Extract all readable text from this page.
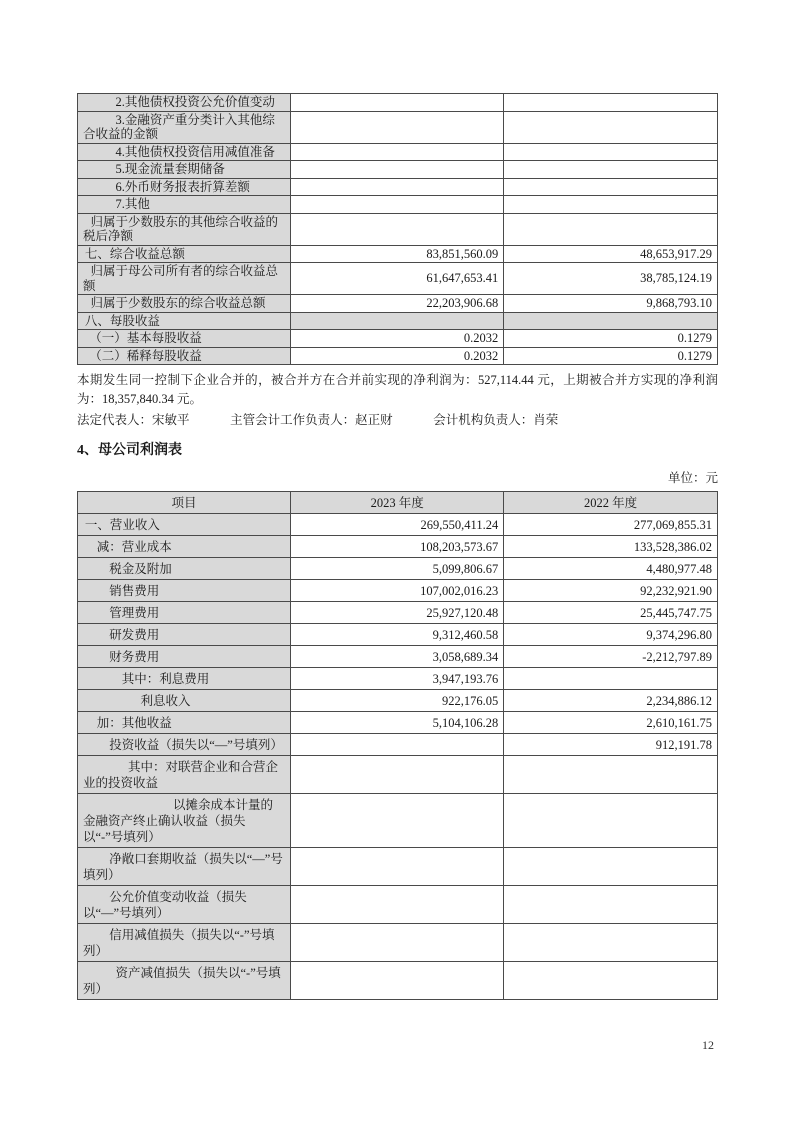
2.其他债权投资公允价值变动		
3.金融资产重分类计入其他综合收益的金额		
4.其他债权投资信用减值准备		
5.现金流量套期储备		
6.外币财务报表折算差额		
7.其他		
归属于少数股东的其他综合收益的税后净额		
七、综合收益总额	83,851,560.09	48,653,917.29
归属于母公司所有者的综合收益总额	61,647,653.41	38,785,124.19
归属于少数股东的综合收益总额	22,203,906.68	9,868,793.10
八、每股收益		
（一）基本每股收益	0.2032	0.1279
（二）稀释每股收益	0.2032	0.1279

本期发生同一控制下企业合并的，被合并方在合并前实现的净利润为：527,114.44 元，上期被合并方实现的净利润为：18,357,840.34 元。

法定代表人：宋敏平	主管会计工作负责人：赵正财	会计机构负责人：肖荣

4、母公司利润表
单位：元
项目	2023 年度	2022 年度
一、营业收入	269,550,411.24	277,069,855.31
减：营业成本	108,203,573.67	133,528,386.02
税金及附加	5,099,806.67	4,480,977.48
销售费用	107,002,016.23	92,232,921.90
管理费用	25,927,120.48	25,445,747.75
研发费用	9,312,460.58	9,374,296.80
财务费用	3,058,689.34	-2,212,797.89
其中：利息费用	3,947,193.76	
利息收入	922,176.05	2,234,886.12
加：其他收益	5,104,106.28	2,610,161.75
投资收益（损失以“—”号填列）		912,191.78
其中：对联营企业和合营企业的投资收益		
以摊余成本计量的金融资产终止确认收益（损失以“-”号填列）		
净敞口套期收益（损失以“—”号填列）		
公允价值变动收益（损失以“—”号填列）		
信用减值损失（损失以“-”号填列）		
资产减值损失（损失以“-”号填列）		
12
